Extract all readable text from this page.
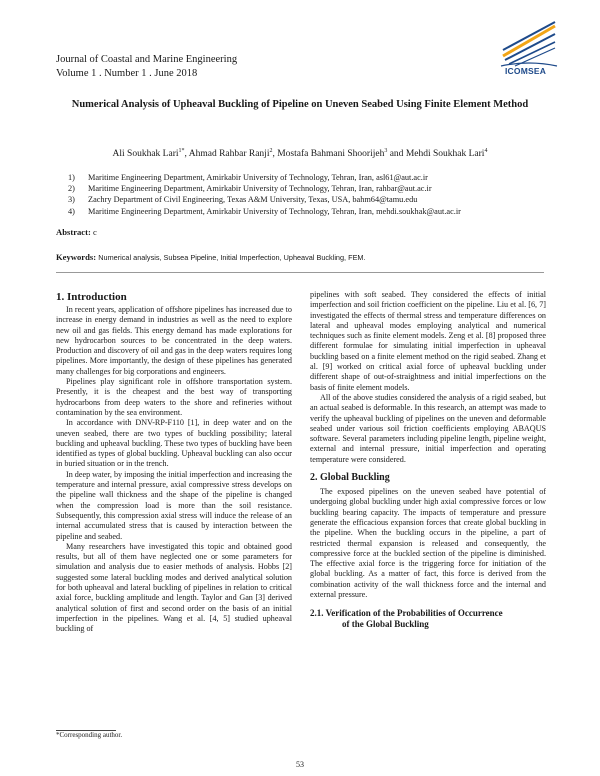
Journal of Coastal and Marine Engineering
Volume 1 . Number 1 . June 2018	ICOMSEA
Numerical Analysis of Upheaval Buckling of Pipeline on Uneven Seabed Using Finite Element Method
Ali Soukhak Lari$^{1*}$, Ahmad Rahbar Ranji$^2$, Mostafa Bahmani Shoorijeh$^3$ and Mehdi Soukhak Lari$^4$
1) Maritime Engineering Department, Amirkabir University of Technology, Tehran, Iran, asl61@aut.ac.ir
2) Maritime Engineering Department, Amirkabir University of Technology, Tehran, Iran, rahbar@aut.ac.ir
3) Zachry Department of Civil Engineering, Texas A&M University, Texas, USA, bahm64@tamu.edu
4) Maritime Engineering Department, Amirkabir University of Technology, Tehran, Iran, mehdi.soukhak@aut.ac.ir
Abstract: c
Keywords: Numerical analysis, Subsea Pipeline, Initial Imperfection, Upheaval Buckling, FEM.
1. Introduction

In recent years, application of offshore pipelines has increased due to increase in energy demand in industries as well as the need to explore new oil and gas fields. This energy demand has made explorations for new hydrocarbon sources to be concentrated in the deep waters. Production and discovery of oil and gas in the deep waters requires long pipelines. More importantly, the design of these pipelines has generated many challenges for big corporations and engineers.

Pipelines play significant role in offshore transportation system. Presently, it is the cheapest and the best way of transporting hydrocarbons from deep waters to the shore and refineries without contamination by the sea environment.

In accordance with DNV-RP-F110 [1], in deep water and on the uneven seabed, there are two types of buckling possibility; lateral buckling and upheaval buckling. These two types of buckling have been identified as types of global buckling. Upheaval buckling can also occur in buried situation or in the trench.

In deep water, by imposing the initial imperfection and increasing the temperature and internal pressure, axial compressive stress develops on the pipeline wall thickness and the shape of the pipeline is changed when the compression load is more than the soil resistance. Subsequently, this compression axial stress will induce the release of an internal accumulated stress that is caused by interaction between the pipeline and seabed.

Many researchers have investigated this topic and obtained good results, but all of them have neglected one or some parameters for simulation and analysis due to easier methods of analysis. Hobbs [2] suggested some lateral buckling modes and derived analytical solution for both upheaval and lateral buckling of pipelines in relation to critical axial force, buckling amplitude and length. Taylor and Gan [3] derived analytical solution of first and second order on the basis of an initial imperfection in the pipelines. Wang et al. [4, 5] studied upheaval buckling of

pipelines with soft seabed. They considered the effects of initial imperfection and soil friction coefficient on the pipeline. Liu et al. [6, 7] investigated the effects of thermal stress and temperature differences on lateral and upheaval modes employing analytical and numerical techniques such as finite element models. Zeng et al. [8] proposed three different formulae for simulating initial imperfection in upheaval buckling based on a finite element method on the rigid seabed. Zhang et al. [9] worked on critical axial force of upheaval buckling under different shape of out-of-straightness and initial imperfections on the basis of finite element models.

All of the above studies considered the analysis of a rigid seabed, but an actual seabed is deformable. In this research, an attempt was made to verify the upheaval buckling of pipelines on the uneven and deformable seabed under various soil friction coefficients employing ABAQUS software. Several parameters including pipeline length, pipeline weight, external and internal pressure, initial imperfection and operating temperature were considered.

2. Global Buckling

The exposed pipelines on the uneven seabed have potential of undergoing global buckling under high axial compressive forces or low buckling bearing capacity. The impacts of temperature and pressure generate the efficacious expansion forces that create global buckling in the pipeline. When the buckling occurs in the pipeline, a part of restricted thermal expansion is released and consequently, the compressive force at the buckled section of the pipeline is diminished. The effective axial force is the triggering force for initiation of the global buckling. As a matter of fact, this force is derived from the combination activity of the wall thickness force and the internal and external pressure.

2.1. Verification of the Probabilities of Occurrence
of the Global Buckling
*Corresponding author.
53
